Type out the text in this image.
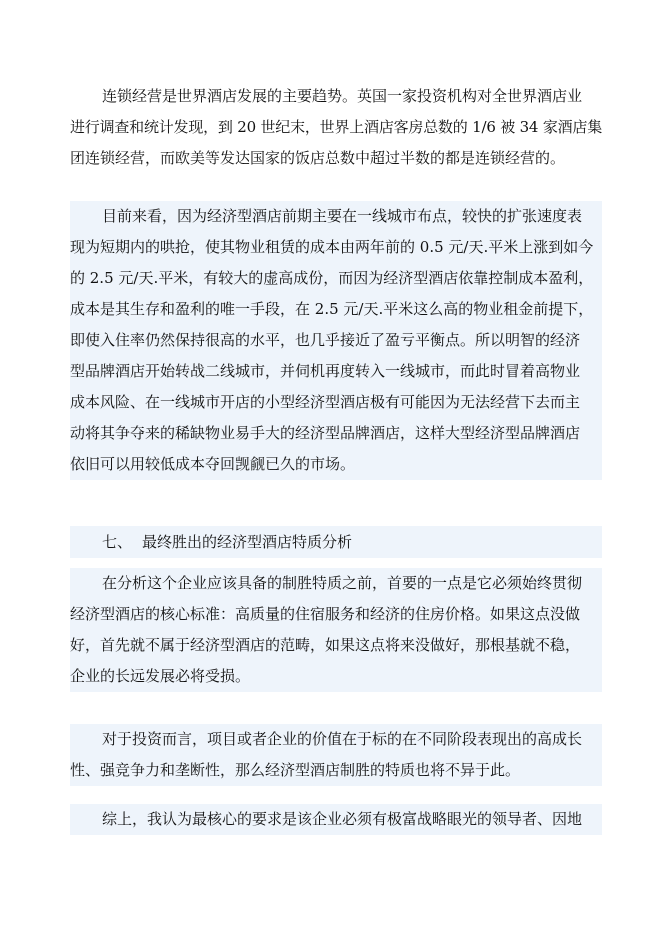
连锁经营是世界酒店发展的主要趋势。英国一家投资机构对全世界酒店业
进行调查和统计发现，到 20 世纪末，世界上酒店客房总数的 1/6 被 34 家酒店集
团连锁经营，而欧美等发达国家的饭店总数中超过半数的都是连锁经营的。
目前来看，因为经济型酒店前期主要在一线城市布点，较快的扩张速度表
现为短期内的哄抢，使其物业租赁的成本由两年前的 0.5 元/天.平米上涨到如今
的 2.5 元/天.平米，有较大的虚高成份，而因为经济型酒店依靠控制成本盈利，
成本是其生存和盈利的唯一手段，在 2.5 元/天.平米这么高的物业租金前提下，
即使入住率仍然保持很高的水平，也几乎接近了盈亏平衡点。所以明智的经济
型品牌酒店开始转战二线城市，并伺机再度转入一线城市，而此时冒着高物业
成本风险、在一线城市开店的小型经济型酒店极有可能因为无法经营下去而主
动将其争夺来的稀缺物业易手大的经济型品牌酒店，这样大型经济型品牌酒店
依旧可以用较低成本夺回觊觎已久的市场。
七、 最终胜出的经济型酒店特质分析
在分析这个企业应该具备的制胜特质之前，首要的一点是它必须始终贯彻
经济型酒店的核心标准：高质量的住宿服务和经济的住房价格。如果这点没做
好，首先就不属于经济型酒店的范畴，如果这点将来没做好，那根基就不稳，
企业的长远发展必将受损。
对于投资而言，项目或者企业的价值在于标的在不同阶段表现出的高成长
性、强竞争力和垄断性，那么经济型酒店制胜的特质也将不异于此。
综上，我认为最核心的要求是该企业必须有极富战略眼光的领导者、因地
